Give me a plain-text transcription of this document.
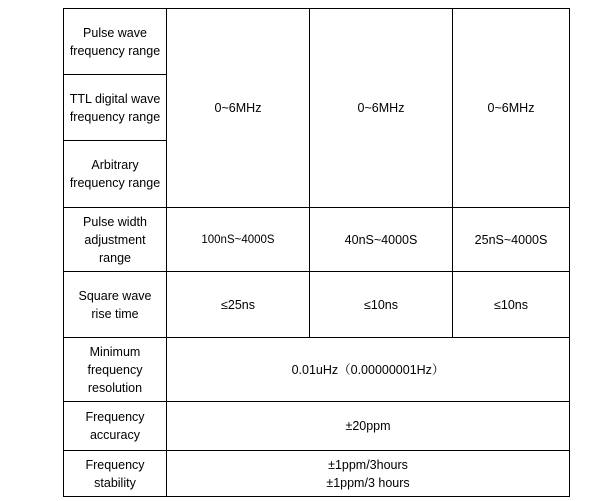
Pulse wave
frequency range	0~6MHz	0~6MHz	0~6MHz

TTL digital wave
frequency range			

Arbitrary
frequency range			

Pulse width
adjustment
range	100nS~4000S	40nS~4000S	25nS~4000S

Square wave
rise time	≤25ns	≤10ns	≤10ns

Minimum
frequency
resolution	0.01uHz（0.00000001Hz）		

Frequency
accuracy	±20ppm		

Frequency
stability	±1ppm/3hours
±1ppm/3 hours		
